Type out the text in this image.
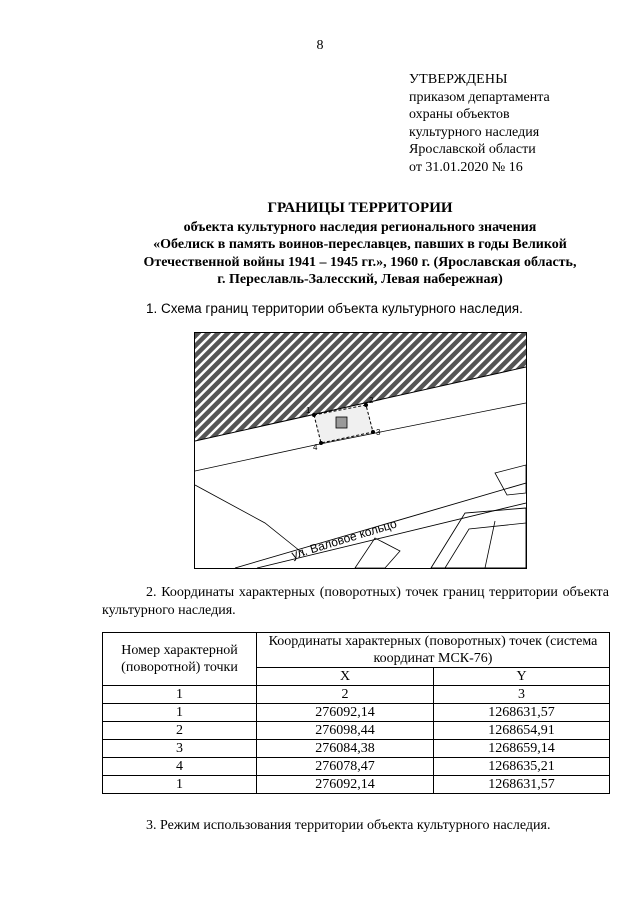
8
УТВЕРЖДЕНЫ
приказом департамента
охраны объектов
культурного наследия
Ярославской области
от 31.01.2020 № 16
ГРАНИЦЫ ТЕРРИТОРИИ
объекта культурного наследия регионального значения
«Обелиск в память воинов-переславцев, павших в годы Великой
Отечественной войны 1941 – 1945 гг.», 1960 г. (Ярославская область,
г. Переславль-Залесский, Левая набережная)
1. Схема границ территории объекта культурного наследия.
ул. Валовое кольцо
1
2
3
4
2. Координаты характерных (поворотных) точек границ территории объекта культурного наследия.
Номер характерной (поворотной) точки	Координаты характерных (поворотных) точек (система координат МСК-76)	
	X	Y
1	2	3
1	276092,14	1268631,57
2	276098,44	1268654,91
3	276084,38	1268659,14
4	276078,47	1268635,21
1	276092,14	1268631,57
3. Режим использования территории объекта культурного наследия.
